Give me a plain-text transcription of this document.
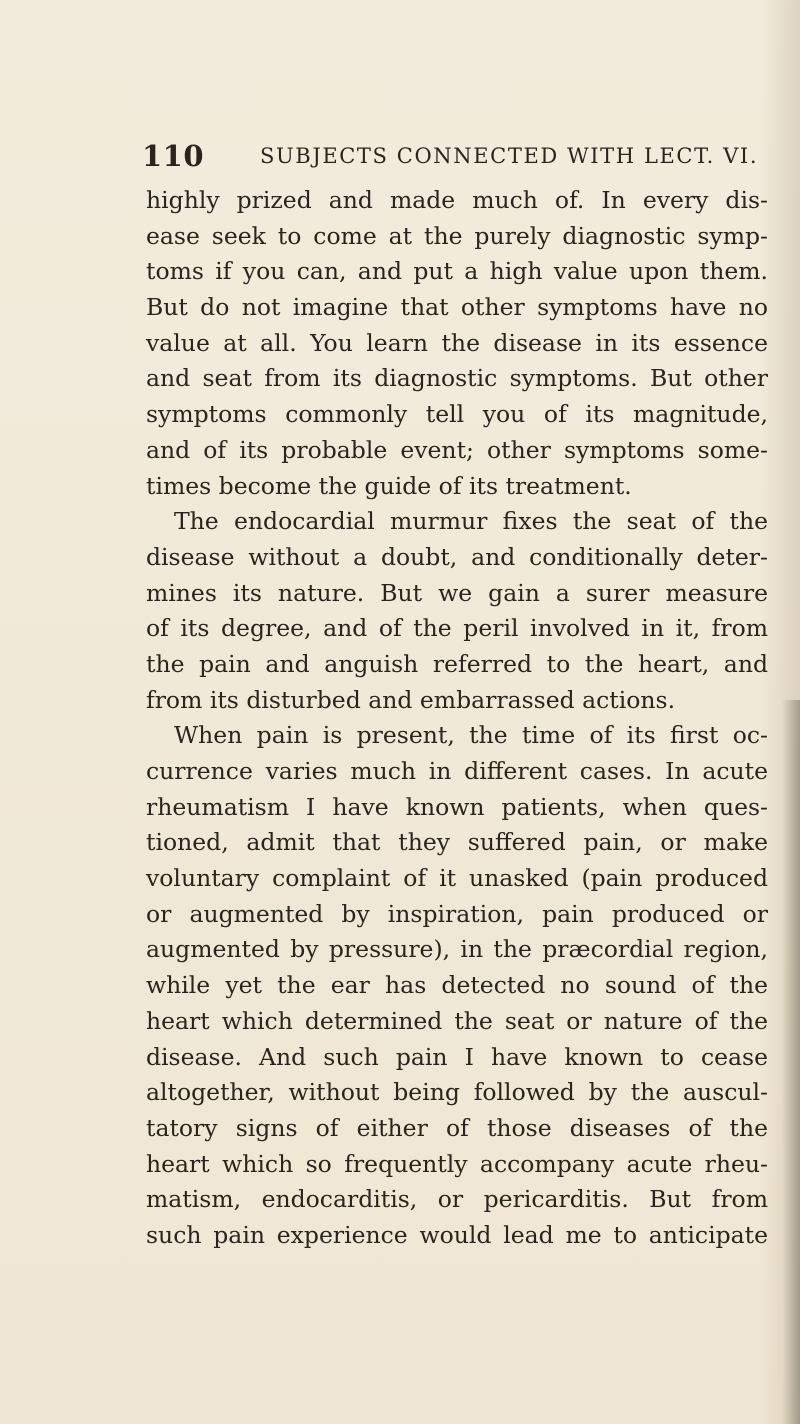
110	SUBJECTS CONNECTED WITH LECT. VI.
highly prized and made much of. In every dis-
ease seek to come at the purely diagnostic symp-
toms if you can, and put a high value upon them.
But do not imagine that other symptoms have no
value at all. You learn the disease in its essence
and seat from its diagnostic symptoms. But other
symptoms commonly tell you of its magnitude,
and of its probable event; other symptoms some-
times become the guide of its treatment.
The endocardial murmur fixes the seat of the
disease without a doubt, and conditionally deter-
mines its nature. But we gain a surer measure
of its degree, and of the peril involved in it, from
the pain and anguish referred to the heart, and
from its disturbed and embarrassed actions.
When pain is present, the time of its first oc-
currence varies much in different cases. In acute
rheumatism I have known patients, when ques-
tioned, admit that they suffered pain, or make
voluntary complaint of it unasked (pain produced
or augmented by inspiration, pain produced or
augmented by pressure), in the præcordial region,
while yet the ear has detected no sound of the
heart which determined the seat or nature of the
disease. And such pain I have known to cease
altogether, without being followed by the auscul-
tatory signs of either of those diseases of the
heart which so frequently accompany acute rheu-
matism, endocarditis, or pericarditis. But from
such pain experience would lead me to anticipate
